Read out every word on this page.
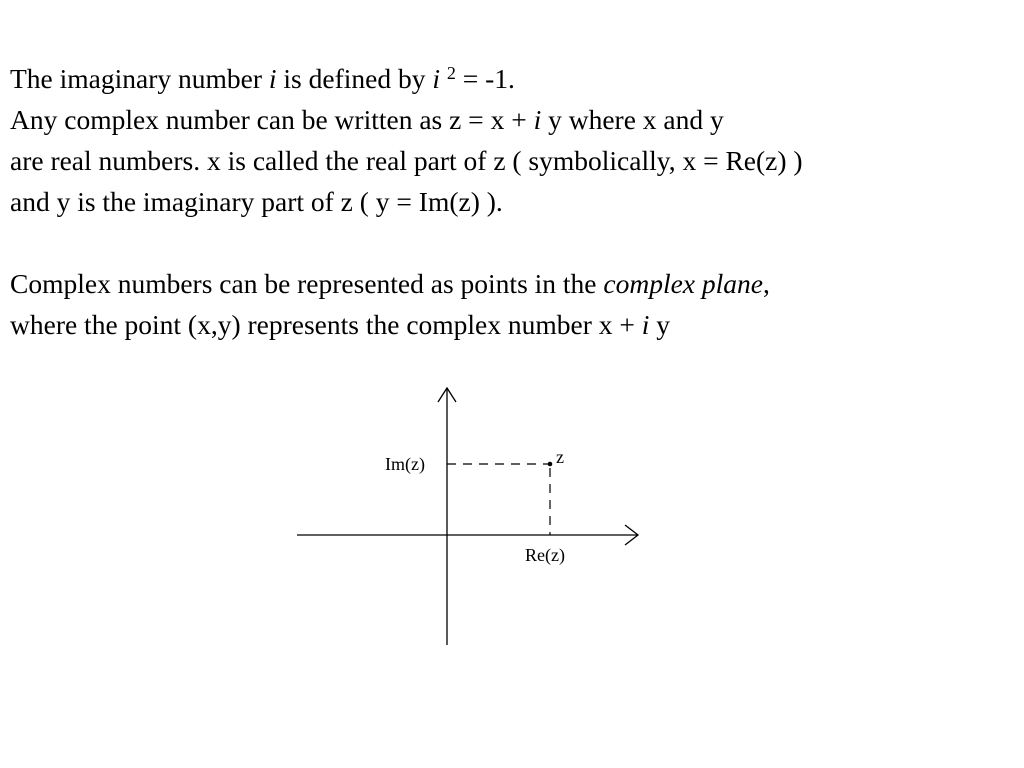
The imaginary number i is defined by i $^2$ = -1.

Any complex number can be written as z = x + i y where x and y

are real numbers. x is called the real part of z ( symbolically, x = Re(z) )

and y is the imaginary part of z ( y = Im(z) ).

Complex numbers can be represented as points in the complex plane,

where the point (x,y) represents the complex number x + i y

Im(z)
Re(z)
z
